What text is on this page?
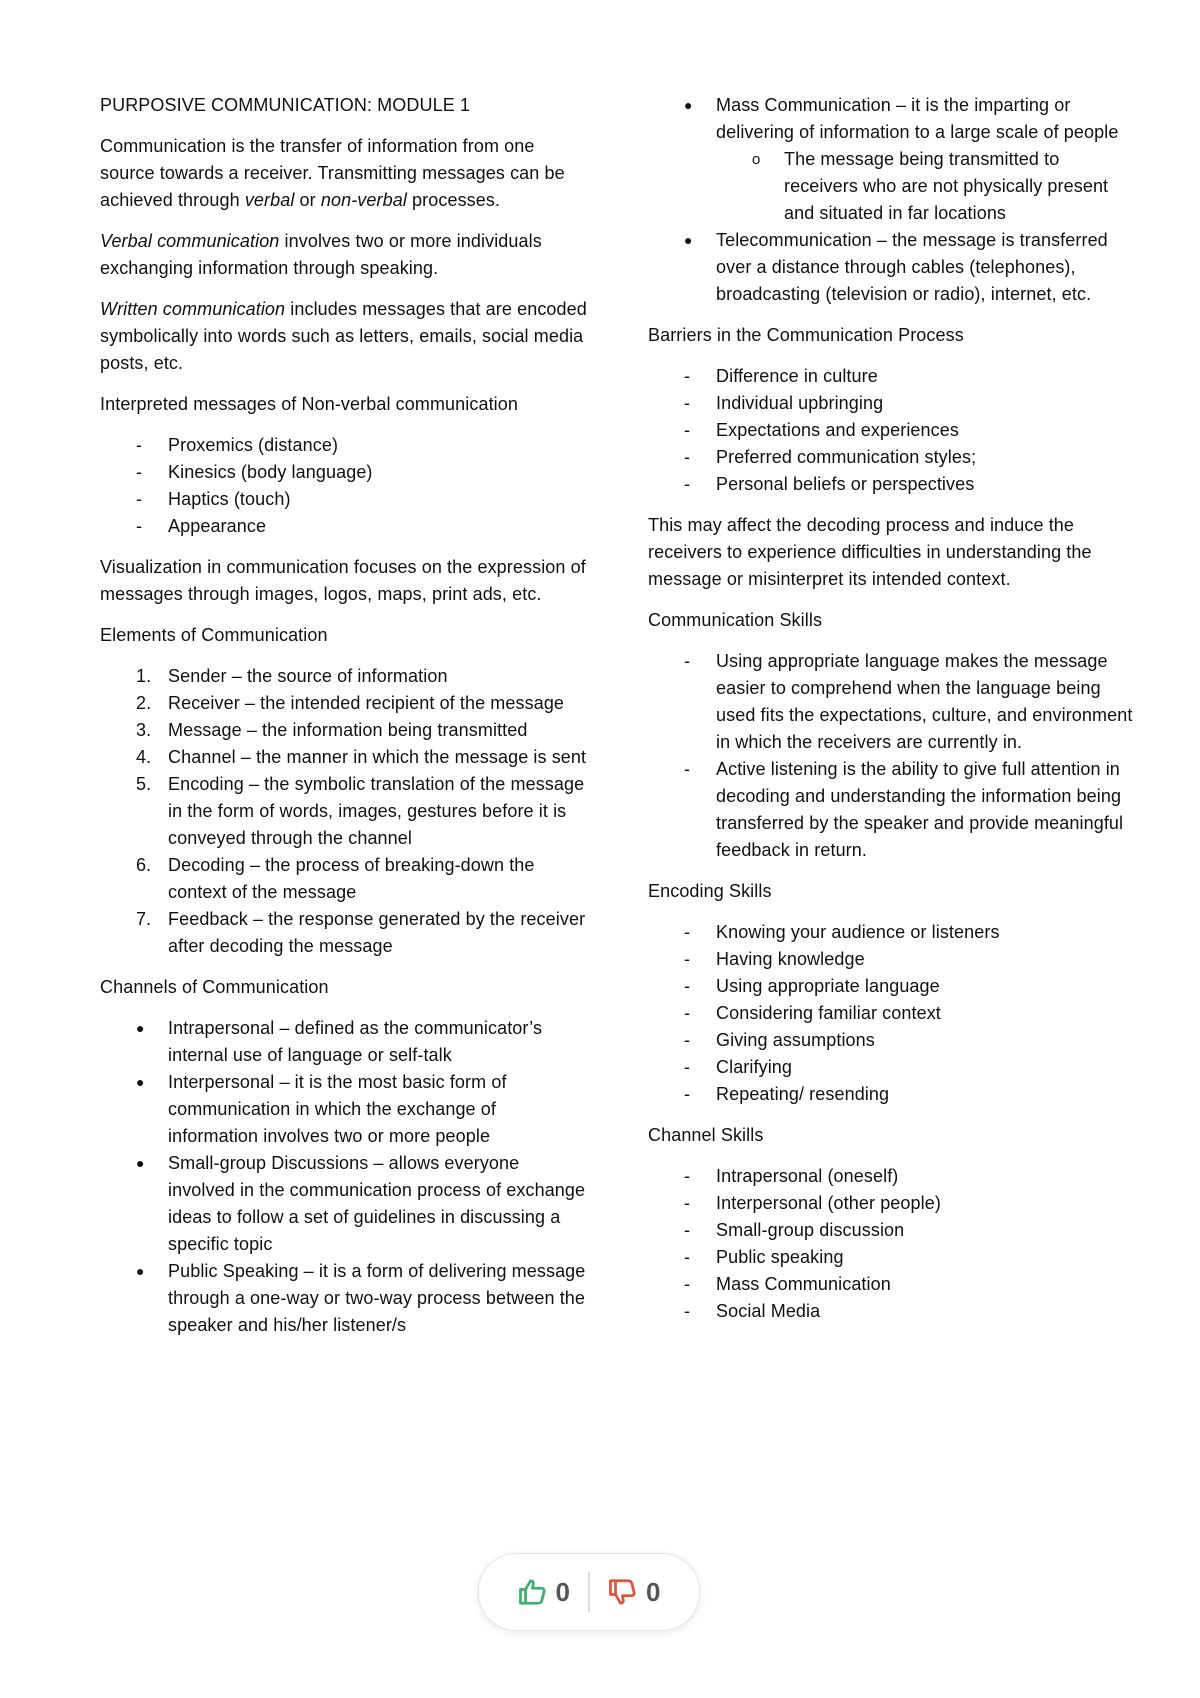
PURPOSIVE COMMUNICATION: MODULE 1

Communication is the transfer of information from one source towards a receiver. Transmitting messages can be achieved through verbal or non-verbal processes.

Verbal communication involves two or more individuals exchanging information through speaking.

Written communication includes messages that are encoded symbolically into words such as letters, emails, social media posts, etc.

Interpreted messages of Non-verbal communication
- Proxemics (distance)
- Kinesics (body language)
- Haptics (touch)
- Appearance

Visualization in communication focuses on the expression of messages through images, logos, maps, print ads, etc.

Elements of Communication
1. Sender – the source of information
2. Receiver – the intended recipient of the message
3. Message – the information being transmitted
4. Channel – the manner in which the message is sent
5. Encoding – the symbolic translation of the message in the form of words, images, gestures before it is conveyed through the channel
6. Decoding – the process of breaking-down the context of the message
7. Feedback – the response generated by the receiver after decoding the message
Channels of Communication
● Intrapersonal – defined as the communicator’s internal use of language or self-talk
● Interpersonal – it is the most basic form of communication in which the exchange of information involves two or more people
● Small-group Discussions – allows everyone involved in the communication process of exchange ideas to follow a set of guidelines in discussing a specific topic
● Public Speaking – it is a form of delivering message through a one-way or two-way process between the speaker and his/her listener/s
● Mass Communication – it is the imparting or delivering of information to a large scale of people
o The message being transmitted to receivers who are not physically present and situated in far locations
● Telecommunication – the message is transferred over a distance through cables (telephones), broadcasting (television or radio), internet, etc.
Barriers in the Communication Process
- Difference in culture
- Individual upbringing
- Expectations and experiences
- Preferred communication styles;
- Personal beliefs or perspectives

This may affect the decoding process and induce the receivers to experience difficulties in understanding the message or misinterpret its intended context.

Communication Skills
- Using appropriate language makes the message easier to comprehend when the language being used fits the expectations, culture, and environment in which the receivers are currently in.
- Active listening is the ability to give full attention in decoding and understanding the information being transferred by the speaker and provide meaningful feedback in return.
Encoding Skills
- Knowing your audience or listeners
- Having knowledge
- Using appropriate language
- Considering familiar context
- Giving assumptions
- Clarifying
- Repeating/ resending
Channel Skills
- Intrapersonal (oneself)
- Interpersonal (other people)
- Small-group discussion
- Public speaking
- Mass Communication
- Social Media
0	0
